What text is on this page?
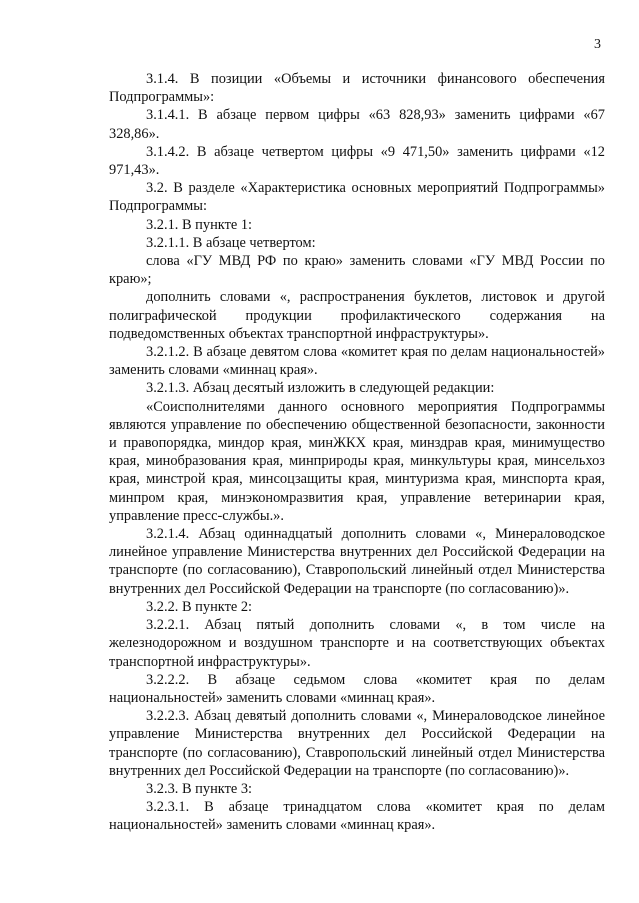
3

3.1.4. В позиции «Объемы и источники финансового обеспечения Подпрограммы»:

3.1.4.1. В абзаце первом цифры «63 828,93» заменить цифрами «67 328,86».

3.1.4.2. В абзаце четвертом цифры «9 471,50» заменить цифрами «12 971,43».

3.2. В разделе «Характеристика основных мероприятий Подпрограммы» Подпрограммы:

3.2.1. В пункте 1:

3.2.1.1. В абзаце четвертом:

слова «ГУ МВД РФ по краю» заменить словами «ГУ МВД России по краю»;

дополнить словами «, распространения буклетов, листовок и другой полиграфической продукции профилактического содержания на подведомственных объектах транспортной инфраструктуры».

3.2.1.2. В абзаце девятом слова «комитет края по делам национальностей» заменить словами «миннац края».

3.2.1.3. Абзац десятый изложить в следующей редакции:

«Соисполнителями данного основного мероприятия Подпрограммы являются управление по обеспечению общественной безопасности, законности и правопорядка, миндор края, минЖКХ края, минздрав края, минимущество края, минобразования края, минприроды края, минкультуры края, минсельхоз края, минстрой края, минсоцзащиты края, минтуризма края, минспорта края, минпром края, минэкономразвития края, управление ветеринарии края, управление пресс-службы.».

3.2.1.4. Абзац одиннадцатый дополнить словами «, Минераловодское линейное управление Министерства внутренних дел Российской Федерации на транспорте (по согласованию), Ставропольский линейный отдел Министерства внутренних дел Российской Федерации на транспорте (по согласованию)».

3.2.2. В пункте 2:

3.2.2.1. Абзац пятый дополнить словами «, в том числе на железнодорожном и воздушном транспорте и на соответствующих объектах транспортной инфраструктуры».

3.2.2.2. В абзаце седьмом слова «комитет края по делам национальностей» заменить словами «миннац края».

3.2.2.3. Абзац девятый дополнить словами «, Минераловодское линейное управление Министерства внутренних дел Российской Федерации на транспорте (по согласованию), Ставропольский линейный отдел Министерства внутренних дел Российской Федерации на транспорте (по согласованию)».

3.2.3. В пункте 3:

3.2.3.1. В абзаце тринадцатом слова «комитет края по делам национальностей» заменить словами «миннац края».
